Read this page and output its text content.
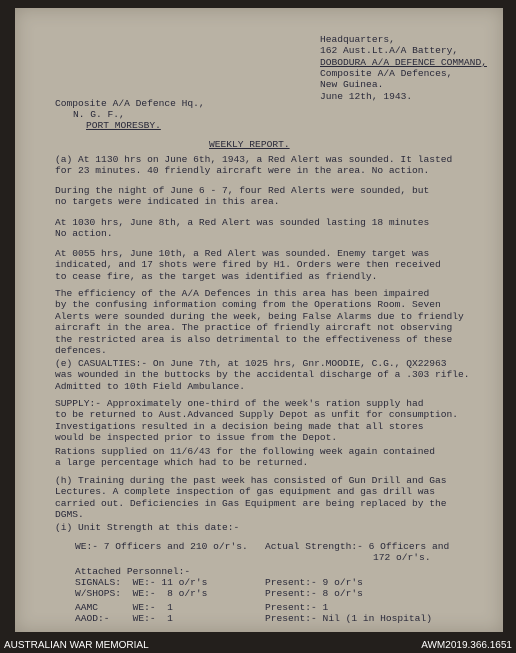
Headquarters,
162 Aust.Lt.A/A Battery,
DOBODURA A/A DEFENCE COMMAND,
Composite A/A Defences,
New Guinea.
June 12th, 1943.
Composite A/A Defence Hq.,
N. G. F.,
PORT MORESBY.
WEEKLY REPORT.
(a) At 1130 hrs on June 6th, 1943, a Red Alert was sounded. It lasted
for 23 minutes. 40 friendly aircraft were in the area. No action.
During the night of June 6 - 7, four Red Alerts were sounded, but
no targets were indicated in this area.
At 1030 hrs, June 8th, a Red Alert was sounded lasting 18 minutes
No action.
At 0055 hrs, June 10th, a Red Alert was sounded. Enemy target was
indicated, and 17 shots were fired by H1. Orders were then received
to cease fire, as the target was identified as friendly.
The efficiency of the A/A Defences in this area has been impaired
by the confusing information coming from the Operations Room. Seven
Alerts were sounded during the week, being False Alarms due to friendly
aircraft in the area. The practice of friendly aircraft not observing
the restricted area is also detrimental to the effectiveness of these
defences.
(e) CASUALTIES:- On June 7th, at 1025 hrs, Gnr.MOODIE, C.G., QX22963
was wounded in the buttocks by the accidental discharge of a .303 rifle.
Admitted to 10th Field Ambulance.
SUPPLY:- Approximately one-third of the week's ration supply had
to be returned to Aust.Advanced Supply Depot as unfit for consumption.
Investigations resulted in a decision being made that all stores
would be inspected prior to issue from the Depot.
Rations supplied on 11/6/43 for the following week again contained
a large percentage which had to be returned.
(h) Training during the past week has consisted of Gun Drill and Gas
Lectures. A complete inspection of gas equipment and gas drill was
carried out. Deficiencies in Gas Equipment are being replaced by the
DGMS.
(i) Unit Strength at this date:-
WE:- 7 Officers and 210 o/r's.   Actual Strength:- 6 Officers and
172 o/r's.
Attached Personnel:-
SIGNALS:  WE:- 11 o/r's          Present:- 9 o/r's
W/SHOPS:  WE:-  8 o/r's          Present:- 8 o/r's
AAMC      WE:-  1                Present:- 1
AAOD:-    WE:-  1                Present:- Nil (1 in Hospital)
AUSTRALIAN WAR MEMORIAL	AWM2019.366.1651
